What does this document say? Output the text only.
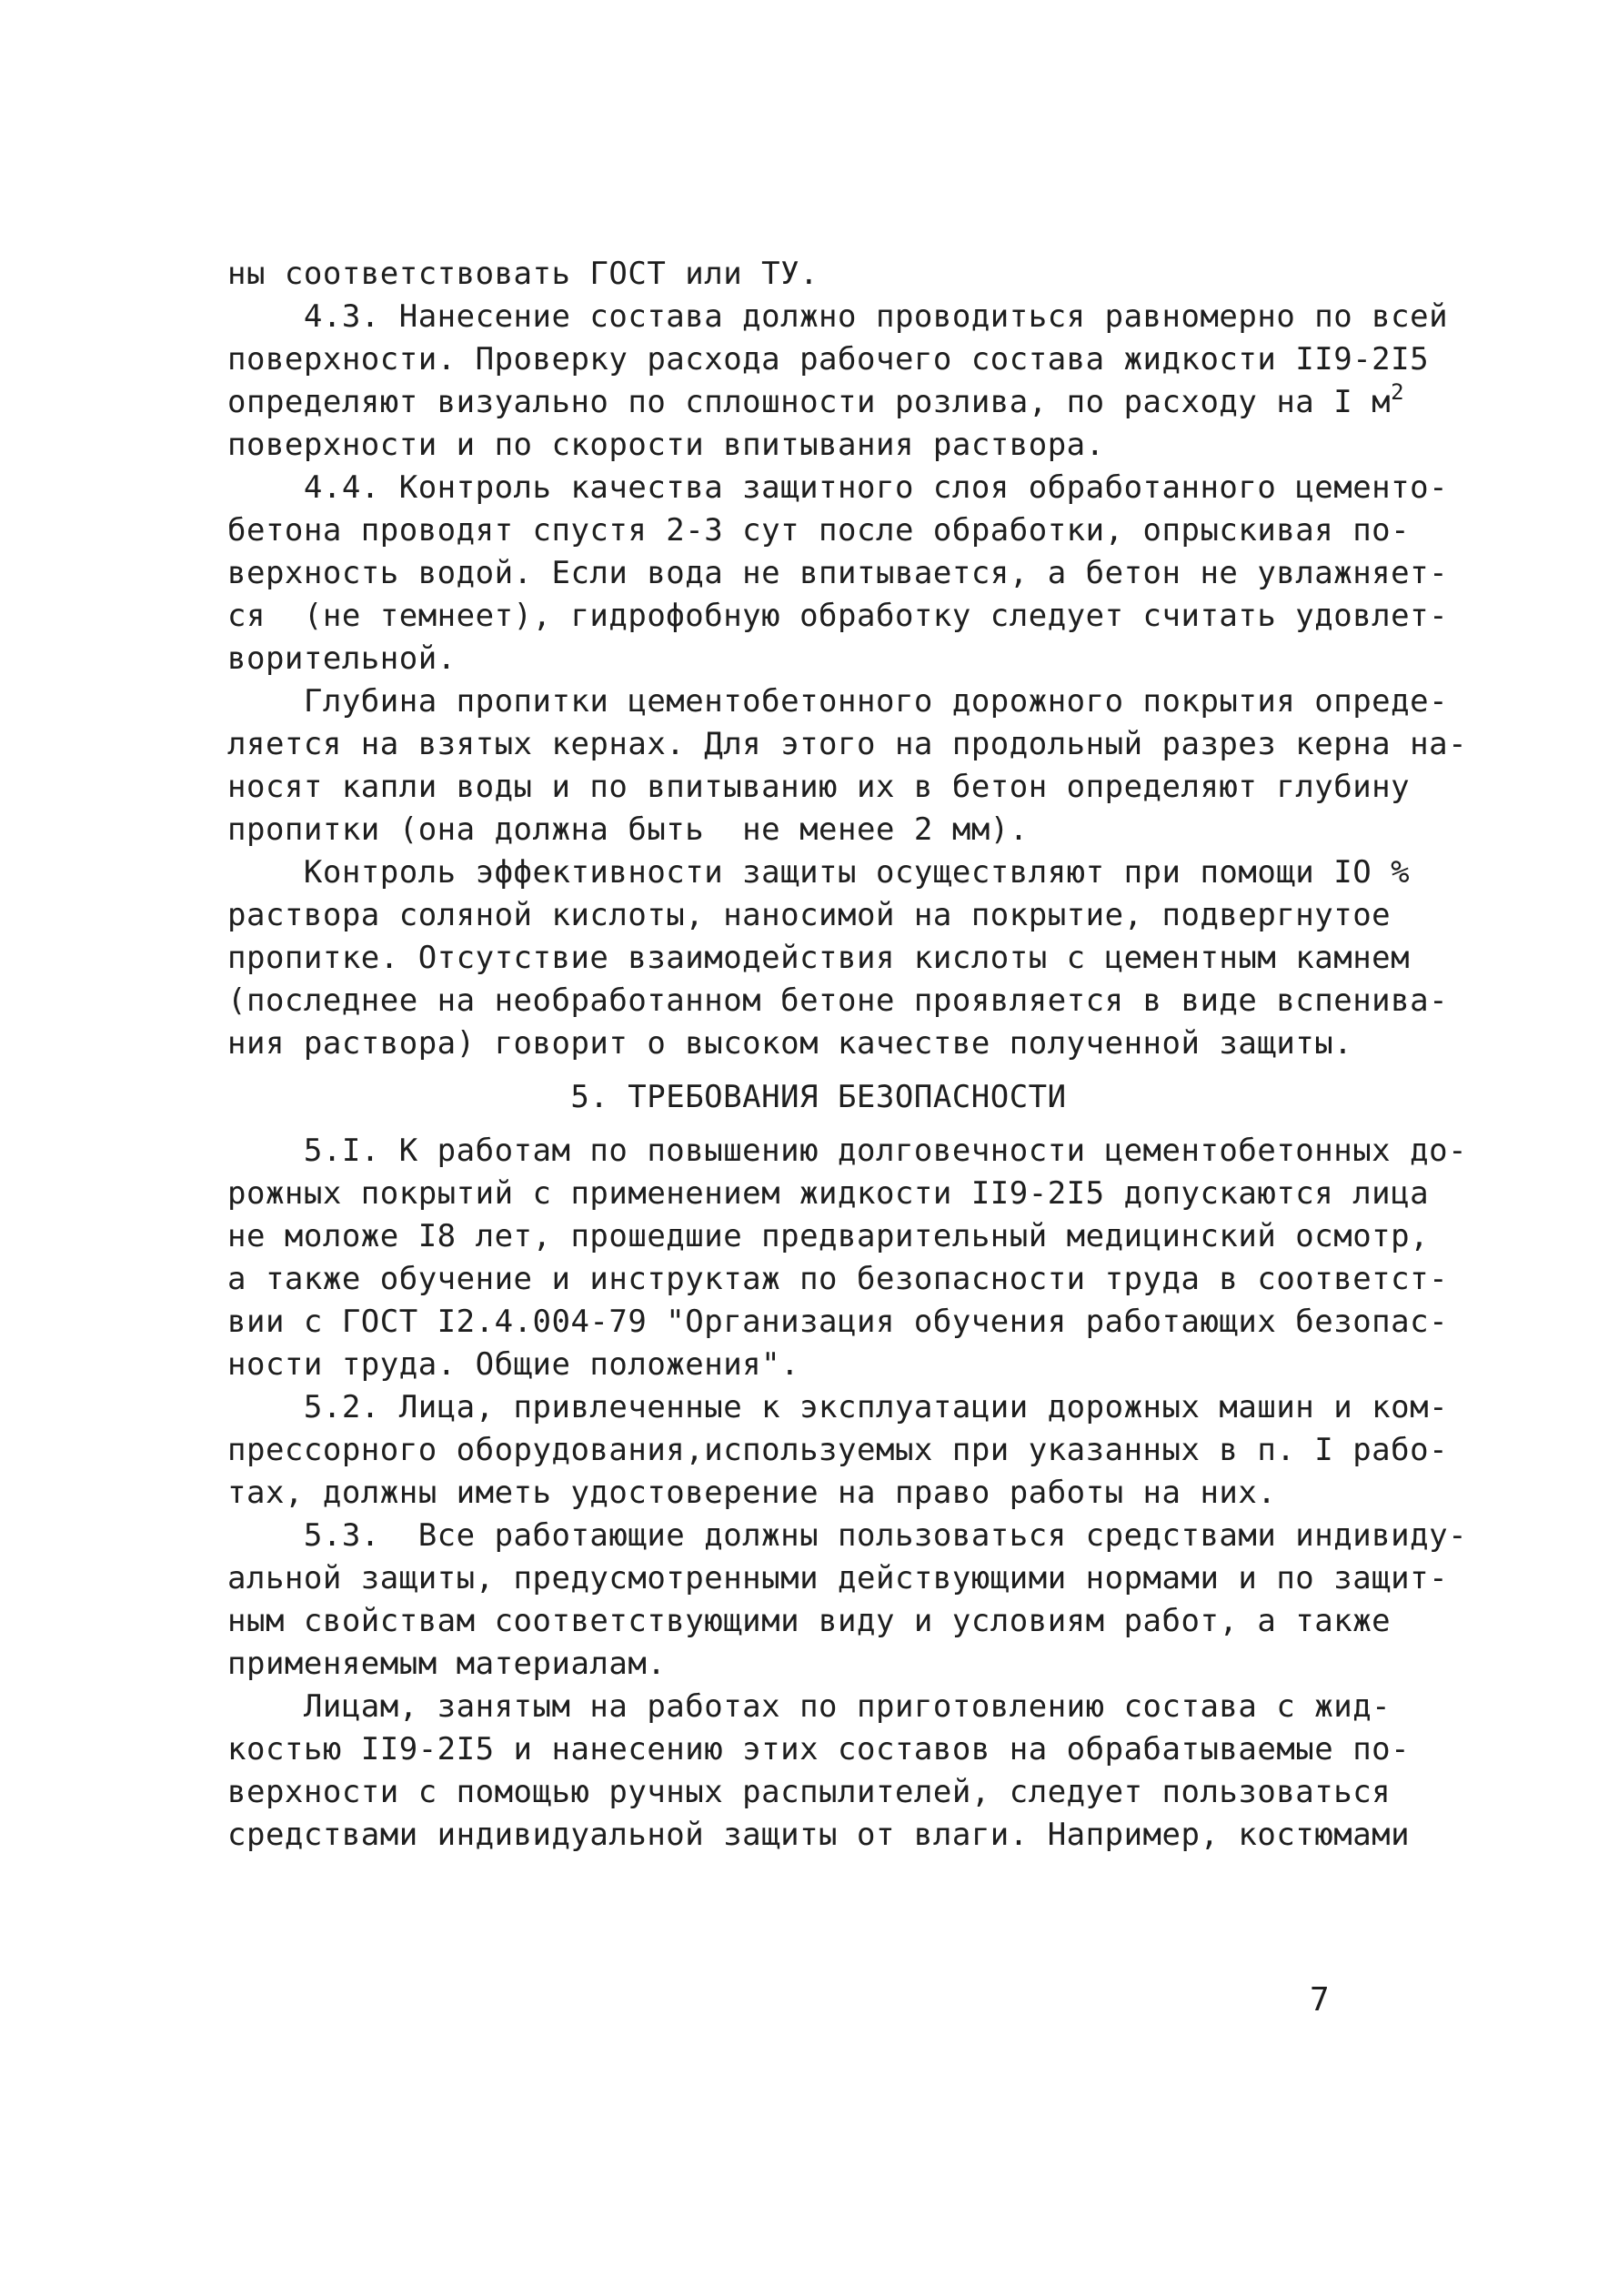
ны соответствовать ГОСТ или ТУ.
4.3. Нанесение состава должно проводиться равномерно по всей
поверхности. Проверку расхода рабочего состава жидкости II9-2I5
определяют визуально по сплошности розлива, по расходу на I $м^2$
поверхности и по скорости впитывания раствора.
4.4. Контроль качества защитного слоя обработанного цементо-
бетона проводят спустя 2-3 сут после обработки, опрыскивая по-
верхность водой. Если вода не впитывается, а бетон не увлажняет-
ся  (не темнеет), гидрофобную обработку следует считать удовлет-
ворительной.
Глубина пропитки цементобетонного дорожного покрытия опреде-
ляется на взятых кернах. Для этого на продольный разрез керна на-
носят капли воды и по впитыванию их в бетон определяют глубину
пропитки (она должна быть  не менее 2 мм).
Контроль эффективности защиты осуществляют при помощи IO %
раствора соляной кислоты, наносимой на покрытие, подвергнутое
пропитке. Отсутствие взаимодействия кислоты с цементным камнем
(последнее на необработанном бетоне проявляется в виде вспенива-
ния раствора) говорит о высоком качестве полученной защиты.
5. ТРЕБОВАНИЯ БЕЗОПАСНОСТИ
5.I. К работам по повышению долговечности цементобетонных до-
рожных покрытий с применением жидкости II9-2I5 допускаются лица
не моложе I8 лет, прошедшие предварительный медицинский осмотр,
а также обучение и инструктаж по безопасности труда в соответст-
вии с ГОСТ I2.4.004-79 "Организация обучения работающих безопас-
ности труда. Общие положения".
5.2. Лица, привлеченные к эксплуатации дорожных машин и ком-
прессорного оборудования,используемых при указанных в п. I рабо-
тах, должны иметь удостоверение на право работы на них.
5.3.  Все работающие должны пользоваться средствами индивиду-
альной защиты, предусмотренными действующими нормами и по защит-
ным свойствам соответствующими виду и условиям работ, а также
применяемым материалам.
Лицам, занятым на работах по приготовлению состава с жид-
костью II9-2I5 и нанесению этих составов на обрабатываемые по-
верхности с помощью ручных распылителей, следует пользоваться
средствами индивидуальной защиты от влаги. Например, костюмами
7
